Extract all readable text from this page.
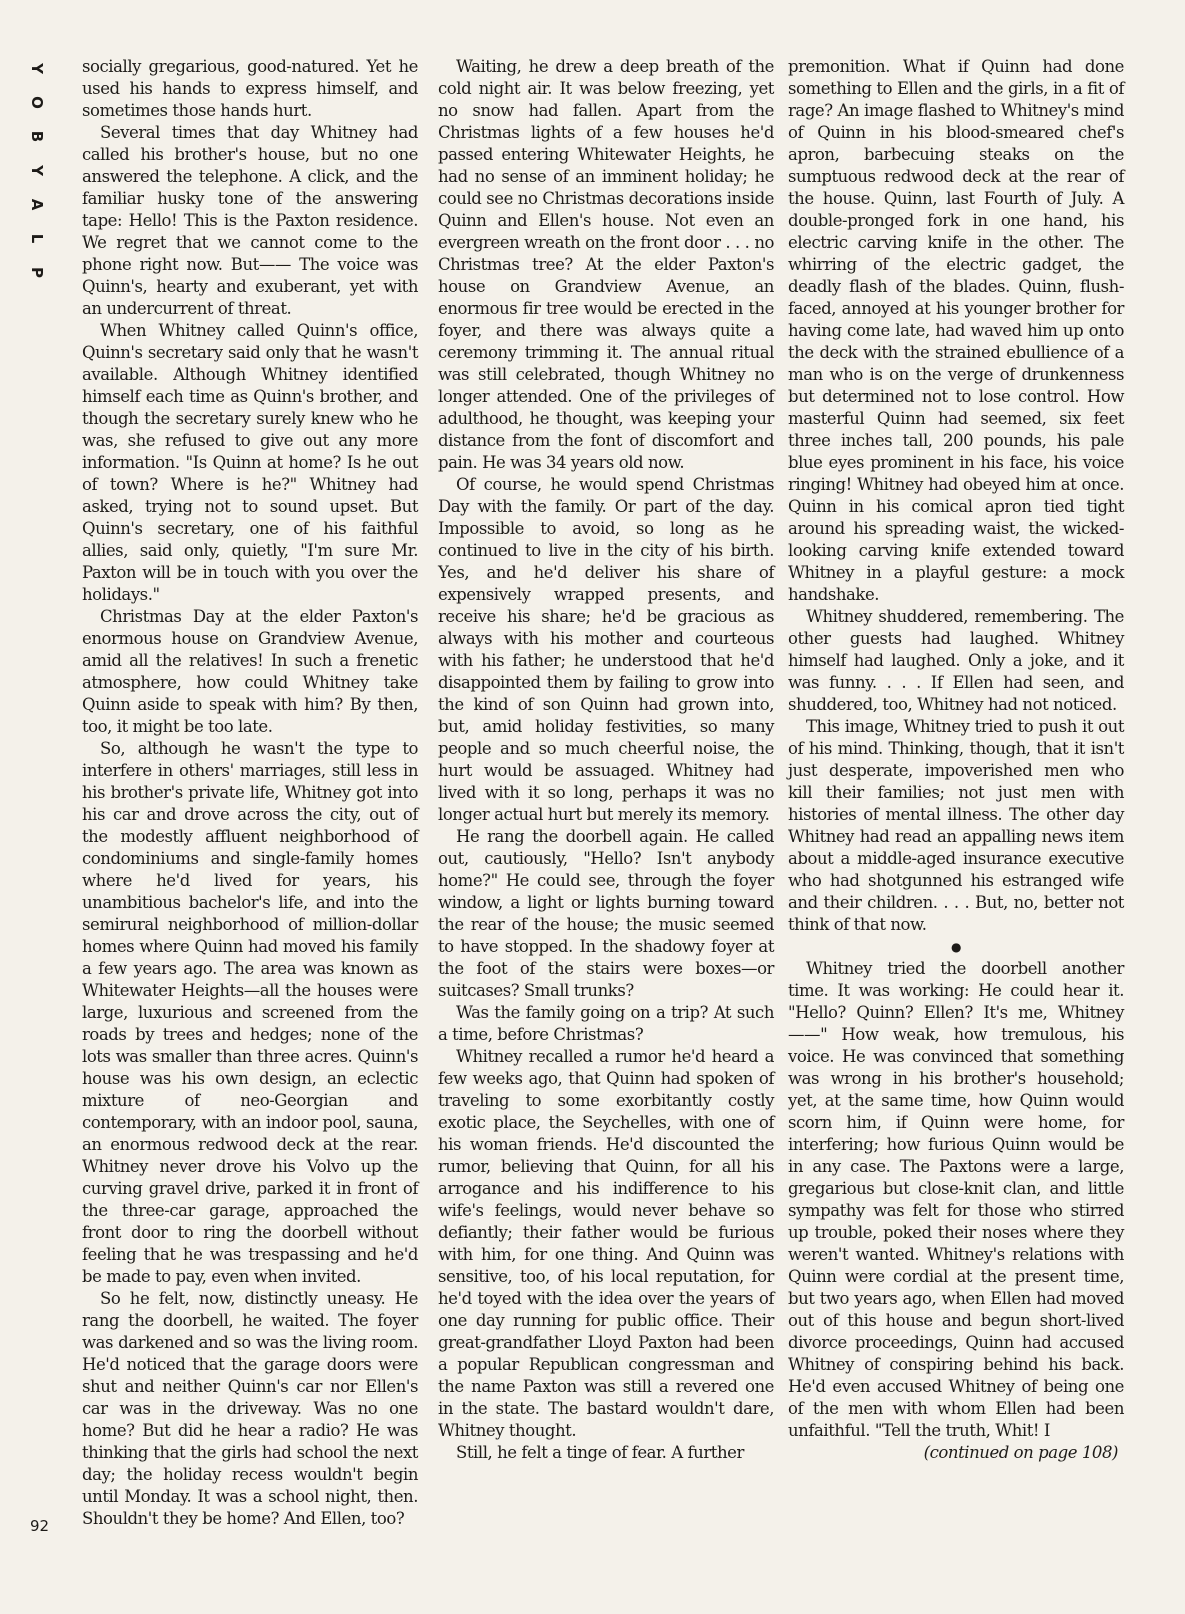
Y
O
B
Y
A
L
P
92

socially gregarious, good-natured. Yet he used his hands to express himself, and sometimes those hands hurt.

Several times that day Whitney had called his brother's house, but no one answered the telephone. A click, and the familiar husky tone of the answering tape: Hello! This is the Paxton residence. We regret that we cannot come to the phone right now. But—— The voice was Quinn's, hearty and exuberant, yet with an undercurrent of threat.

When Whitney called Quinn's office, Quinn's secretary said only that he wasn't available. Although Whitney identified himself each time as Quinn's brother, and though the secretary surely knew who he was, she refused to give out any more information. "Is Quinn at home? Is he out of town? Where is he?" Whitney had asked, trying not to sound upset. But Quinn's secretary, one of his faithful allies, said only, quietly, "I'm sure Mr. Paxton will be in touch with you over the holidays."

Christmas Day at the elder Paxton's enormous house on Grandview Avenue, amid all the relatives! In such a frenetic atmosphere, how could Whitney take Quinn aside to speak with him? By then, too, it might be too late.

So, although he wasn't the type to interfere in others' marriages, still less in his brother's private life, Whitney got into his car and drove across the city, out of the modestly affluent neighborhood of condominiums and single-family homes where he'd lived for years, his unambitious bachelor's life, and into the semirural neighborhood of million-dollar homes where Quinn had moved his family a few years ago. The area was known as Whitewater Heights—all the houses were large, luxurious and screened from the roads by trees and hedges; none of the lots was smaller than three acres. Quinn's house was his own design, an eclectic mixture of neo-Georgian and contemporary, with an indoor pool, sauna, an enormous redwood deck at the rear. Whitney never drove his Volvo up the curving gravel drive, parked it in front of the three-car garage, approached the front door to ring the doorbell without feeling that he was trespassing and he'd be made to pay, even when invited.

So he felt, now, distinctly uneasy. He rang the doorbell, he waited. The foyer was darkened and so was the living room. He'd noticed that the garage doors were shut and neither Quinn's car nor Ellen's car was in the driveway. Was no one home? But did he hear a radio? He was thinking that the girls had school the next day; the holiday recess wouldn't begin until Monday. It was a school night, then. Shouldn't they be home? And Ellen, too?

Waiting, he drew a deep breath of the cold night air. It was below freezing, yet no snow had fallen. Apart from the Christmas lights of a few houses he'd passed entering Whitewater Heights, he had no sense of an imminent holiday; he could see no Christmas decorations inside Quinn and Ellen's house. Not even an evergreen wreath on the front door . . . no Christmas tree? At the elder Paxton's house on Grandview Avenue, an enormous fir tree would be erected in the foyer, and there was always quite a ceremony trimming it. The annual ritual was still celebrated, though Whitney no longer attended. One of the privileges of adulthood, he thought, was keeping your distance from the font of discomfort and pain. He was 34 years old now.

Of course, he would spend Christmas Day with the family. Or part of the day. Impossible to avoid, so long as he continued to live in the city of his birth. Yes, and he'd deliver his share of expensively wrapped presents, and receive his share; he'd be gracious as always with his mother and courteous with his father; he understood that he'd disappointed them by failing to grow into the kind of son Quinn had grown into, but, amid holiday festivities, so many people and so much cheerful noise, the hurt would be assuaged. Whitney had lived with it so long, perhaps it was no longer actual hurt but merely its memory.

He rang the doorbell again. He called out, cautiously, "Hello? Isn't anybody home?" He could see, through the foyer window, a light or lights burning toward the rear of the house; the music seemed to have stopped. In the shadowy foyer at the foot of the stairs were boxes—or suitcases? Small trunks?

Was the family going on a trip? At such a time, before Christmas?

Whitney recalled a rumor he'd heard a few weeks ago, that Quinn had spoken of traveling to some exorbitantly costly exotic place, the Seychelles, with one of his woman friends. He'd discounted the rumor, believing that Quinn, for all his arrogance and his indifference to his wife's feelings, would never behave so defiantly; their father would be furious with him, for one thing. And Quinn was sensitive, too, of his local reputation, for he'd toyed with the idea over the years of one day running for public office. Their great-grandfather Lloyd Paxton had been a popular Republican congressman and the name Paxton was still a revered one in the state. The bastard wouldn't dare, Whitney thought.

Still, he felt a tinge of fear. A further

premonition. What if Quinn had done something to Ellen and the girls, in a fit of rage? An image flashed to Whitney's mind of Quinn in his blood-smeared chef's apron, barbecuing steaks on the sumptuous redwood deck at the rear of the house. Quinn, last Fourth of July. A double-pronged fork in one hand, his electric carving knife in the other. The whirring of the electric gadget, the deadly flash of the blades. Quinn, flush-faced, annoyed at his younger brother for having come late, had waved him up onto the deck with the strained ebullience of a man who is on the verge of drunkenness but determined not to lose control. How masterful Quinn had seemed, six feet three inches tall, 200 pounds, his pale blue eyes prominent in his face, his voice ringing! Whitney had obeyed him at once. Quinn in his comical apron tied tight around his spreading waist, the wicked-looking carving knife extended toward Whitney in a playful gesture: a mock handshake.

Whitney shuddered, remembering. The other guests had laughed. Whitney himself had laughed. Only a joke, and it was funny. . . . If Ellen had seen, and shuddered, too, Whitney had not noticed.

This image, Whitney tried to push it out of his mind. Thinking, though, that it isn't just desperate, impoverished men who kill their families; not just men with histories of mental illness. The other day Whitney had read an appalling news item about a middle-aged insurance executive who had shotgunned his estranged wife and their children. . . . But, no, better not think of that now.

●

Whitney tried the doorbell another time. It was working: He could hear it. "Hello? Quinn? Ellen? It's me, Whitney——" How weak, how tremulous, his voice. He was convinced that something was wrong in his brother's household; yet, at the same time, how Quinn would scorn him, if Quinn were home, for interfering; how furious Quinn would be in any case. The Paxtons were a large, gregarious but close-knit clan, and little sympathy was felt for those who stirred up trouble, poked their noses where they weren't wanted. Whitney's relations with Quinn were cordial at the present time, but two years ago, when Ellen had moved out of this house and begun short-lived divorce proceedings, Quinn had accused Whitney of conspiring behind his back. He'd even accused Whitney of being one of the men with whom Ellen had been unfaithful. "Tell the truth, Whit! I

(continued on page 108)
